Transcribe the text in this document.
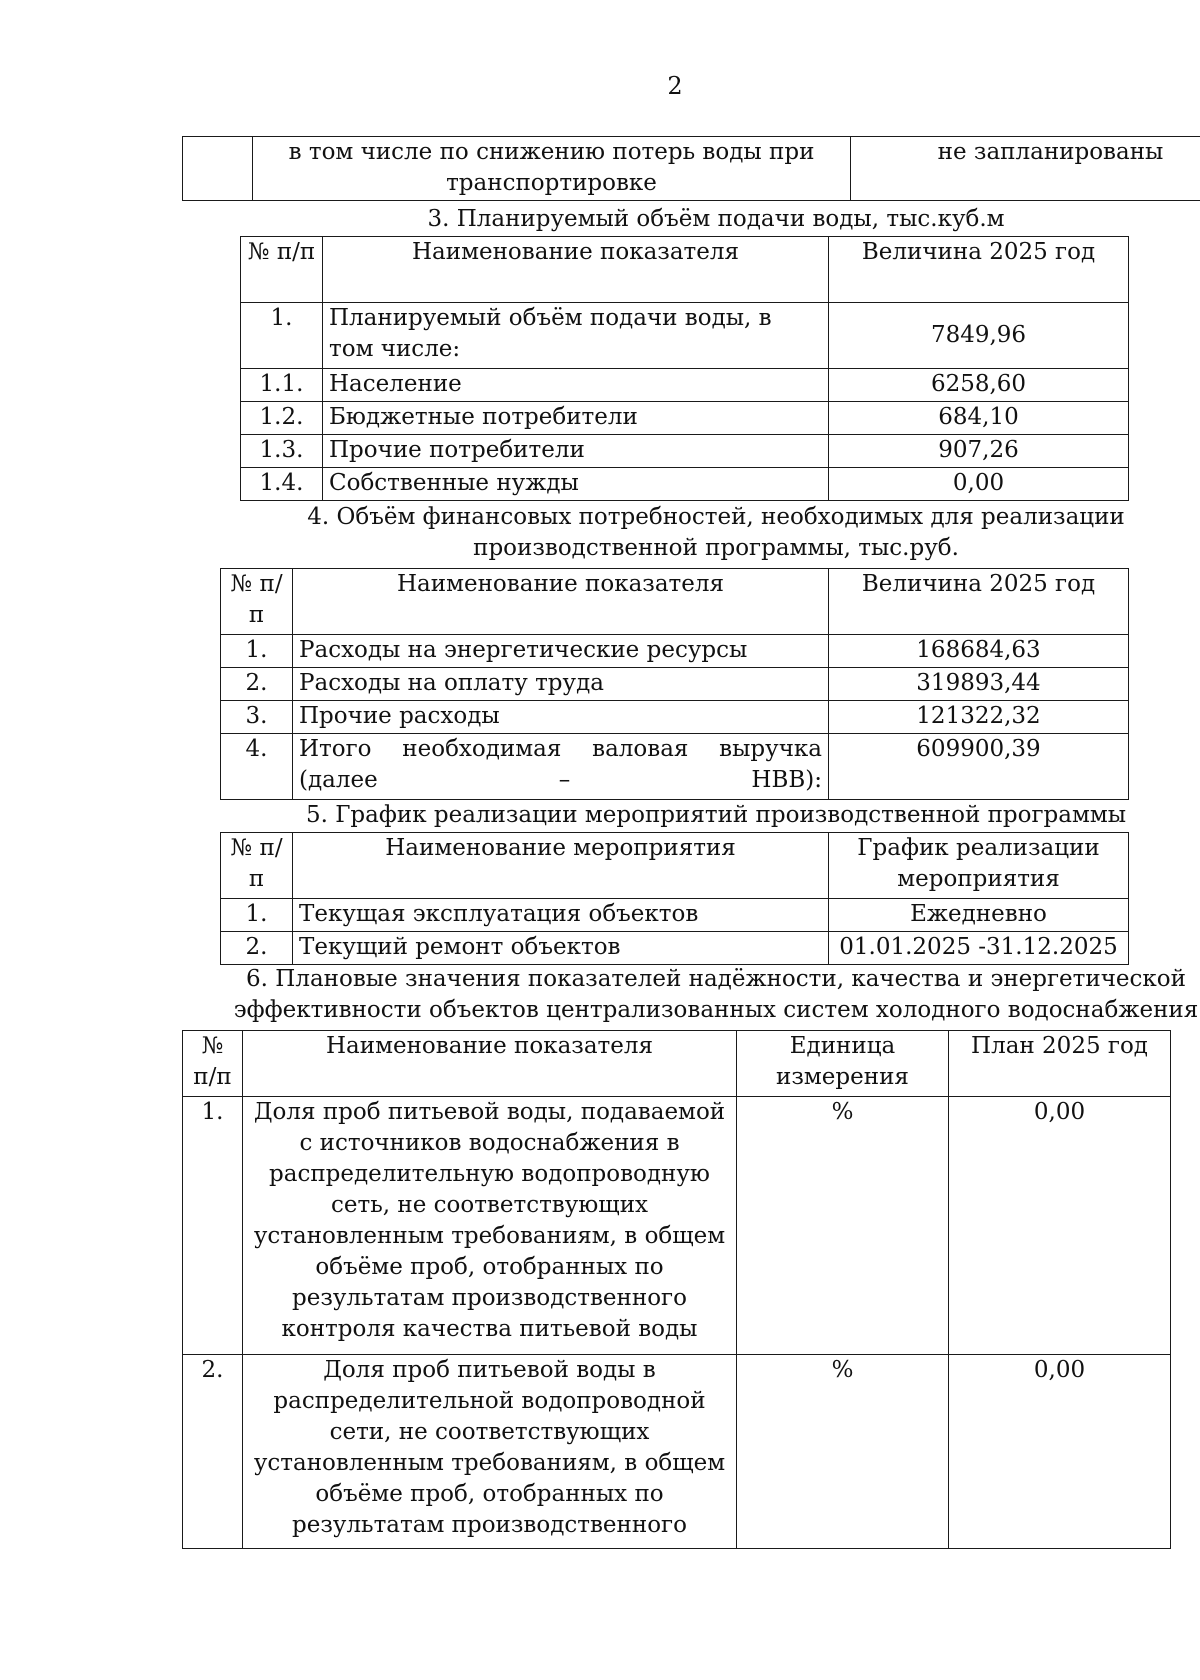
2
	в том числе по снижению потерь воды при транспортировке	не запланированы
3. Планируемый объём подачи воды, тыс.куб.м
№ п/п	Наименование показателя	Величина 2025 год
1.	Планируемый объём подачи воды, в том числе:	7849,96
1.1.	Население	6258,60
1.2.	Бюджетные потребители	684,10
1.3.	Прочие потребители	907,26
1.4.	Собственные нужды	0,00
4. Объём финансовых потребностей, необходимых для реализации
производственной программы, тыс.руб.
№ п/п	Наименование показателя	Величина 2025 год
1.	Расходы на энергетические ресурсы	168684,63
2.	Расходы на оплату труда	319893,44
3.	Прочие расходы	121322,32
4.	Итого необходимая валовая выручка (далее – НВВ):	609900,39
5. График реализации мероприятий производственной программы
№ п/п	Наименование мероприятия	График реализации мероприятия
1.	Текущая эксплуатация объектов	Ежедневно
2.	Текущий ремонт объектов	01.01.2025 -31.12.2025
6. Плановые значения показателей надёжности, качества и энергетической
эффективности объектов централизованных систем холодного водоснабжения
№ п/п	Наименование показателя	Единица измерения	План 2025 год
1.	Доля проб питьевой воды, подаваемой с источников водоснабжения в распределительную водопроводную сеть, не соответствующих установленным требованиям, в общем объёме проб, отобранных по результатам производственного контроля качества питьевой воды	%	0,00
2.	Доля проб питьевой воды в распределительной водопроводной сети, не соответствующих установленным требованиям, в общем объёме проб, отобранных по результатам производственного	%	0,00
